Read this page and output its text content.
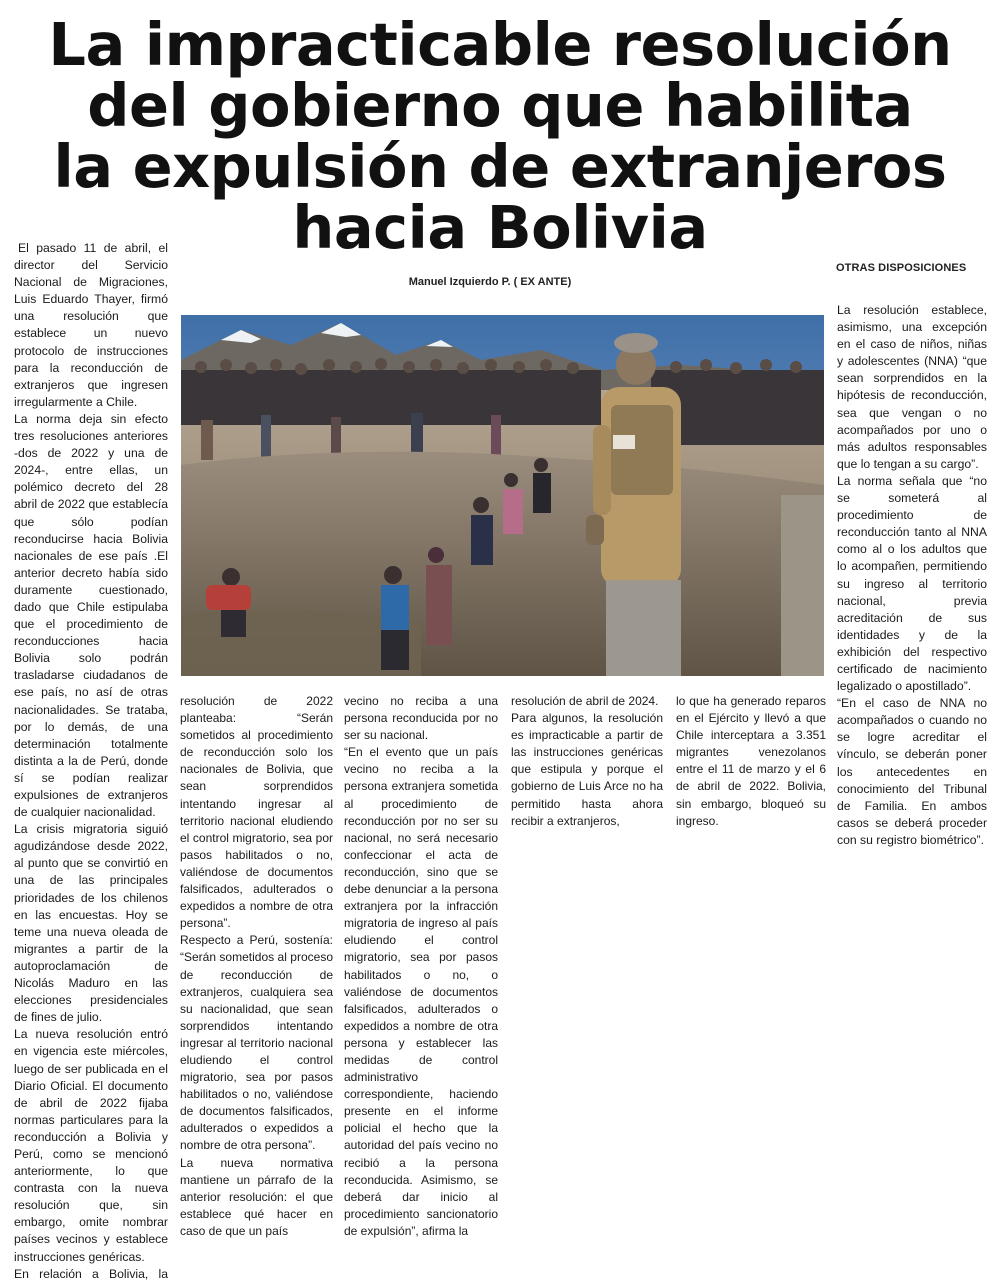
La impracticable resolución
del gobierno que habilita
la expulsión de extranjeros
hacia Bolivia
Manuel Izquierdo P. ( EX ANTE)
OTRAS DISPOSICIONES

El pasado 11 de abril, el director del Servicio Nacional de Migraciones, Luis Eduardo Thayer, firmó una resolución que establece un nuevo protocolo de instrucciones para la reconducción de extranjeros que ingresen irregularmente a Chile.

La norma deja sin efecto tres resoluciones anteriores -dos de 2022 y una de 2024-, entre ellas, un polémico decreto del 28 abril de 2022 que establecía que sólo podían reconducirse hacia Bolivia nacionales de ese país .El anterior decreto había sido duramente cuestionado, dado que Chile estipulaba que el procedimiento de reconducciones hacia Bolivia solo podrán trasladarse ciudadanos de ese país, no así de otras nacionalidades. Se trataba, por lo demás, de una determinación totalmente distinta a la de Perú, donde sí se podían realizar expulsiones de extranjeros de cualquier nacionalidad.

La crisis migratoria siguió agudizándose desde 2022, al punto que se convirtió en una de las principales prioridades de los chilenos en las encuestas. Hoy se teme una nueva oleada de migrantes a partir de la autoproclamación de Nicolás Maduro en las elecciones presidenciales de fines de julio.

La nueva resolución entró en vigencia este miércoles, luego de ser publicada en el Diario Oficial. El documento de abril de 2022 fijaba normas particulares para la reconducción a Bolivia y Perú, como se mencionó anteriormente, lo que contrasta con la nueva resolución que, sin embargo, omite nombrar países vecinos y establece instrucciones genéricas.

En relación a Bolivia, la

resolución de 2022 planteaba: “Serán sometidos al procedimiento de reconducción solo los nacionales de Bolivia, que sean sorprendidos intentando ingresar al territorio nacional eludiendo el control migratorio, sea por pasos habilitados o no, valiéndose de documentos falsificados, adulterados o expedidos a nombre de otra persona”.

Respecto a Perú, sostenía: “Serán sometidos al proceso de reconducción de extranjeros, cualquiera sea su nacionalidad, que sean sorprendidos intentando ingresar al territorio nacional eludiendo el control migratorio, sea por pasos habilitados o no, valiéndose de documentos falsificados, adulterados o expedidos a nombre de otra persona”.

La nueva normativa mantiene un párrafo de la anterior resolución: el que establece qué hacer en caso de que un país

vecino no reciba a una persona reconducida por no ser su nacional.

“En el evento que un país vecino no reciba a la persona extranjera sometida al procedimiento de reconducción por no ser su nacional, no será necesario confeccionar el acta de reconducción, sino que se debe denunciar a la persona extranjera por la infracción migratoria de ingreso al país eludiendo el control migratorio, sea por pasos habilitados o no, o valiéndose de documentos falsificados, adulterados o expedidos a nombre de otra persona y establecer las medidas de control administrativo correspondiente, haciendo presente en el informe policial el hecho que la autoridad del país vecino no recibió a la persona reconducida. Asimismo, se deberá dar inicio al procedimiento sancionatorio de expulsión”, afirma la

resolución de abril de 2024.

Para algunos, la resolución es impracticable a partir de las instrucciones genéricas que estipula y porque el gobierno de Luis Arce no ha permitido hasta ahora recibir a extranjeros,

lo que ha generado reparos en el Ejército y llevó a que Chile interceptara a 3.351 migrantes venezolanos entre el 11 de marzo y el 6 de abril de 2022. Bolivia, sin embargo, bloqueó su ingreso.

La resolución establece, asimismo, una excepción en el caso de niños, niñas y adolescentes (NNA) “que sean sorprendidos en la hipótesis de reconducción, sea que vengan o no acompañados por uno o más adultos responsables que lo tengan a su cargo”.

La norma señala que “no se someterá al procedimiento de reconducción tanto al NNA como al o los adultos que lo acompañen, permitiendo su ingreso al territorio nacional, previa acreditación de sus identidades y de la exhibición del respectivo certificado de nacimiento legalizado o apostillado”.

“En el caso de NNA no acompañados o cuando no se logre acreditar el vínculo, se deberán poner los antecedentes en conocimiento del Tribunal de Familia. En ambos casos se deberá proceder con su registro biométrico”.
